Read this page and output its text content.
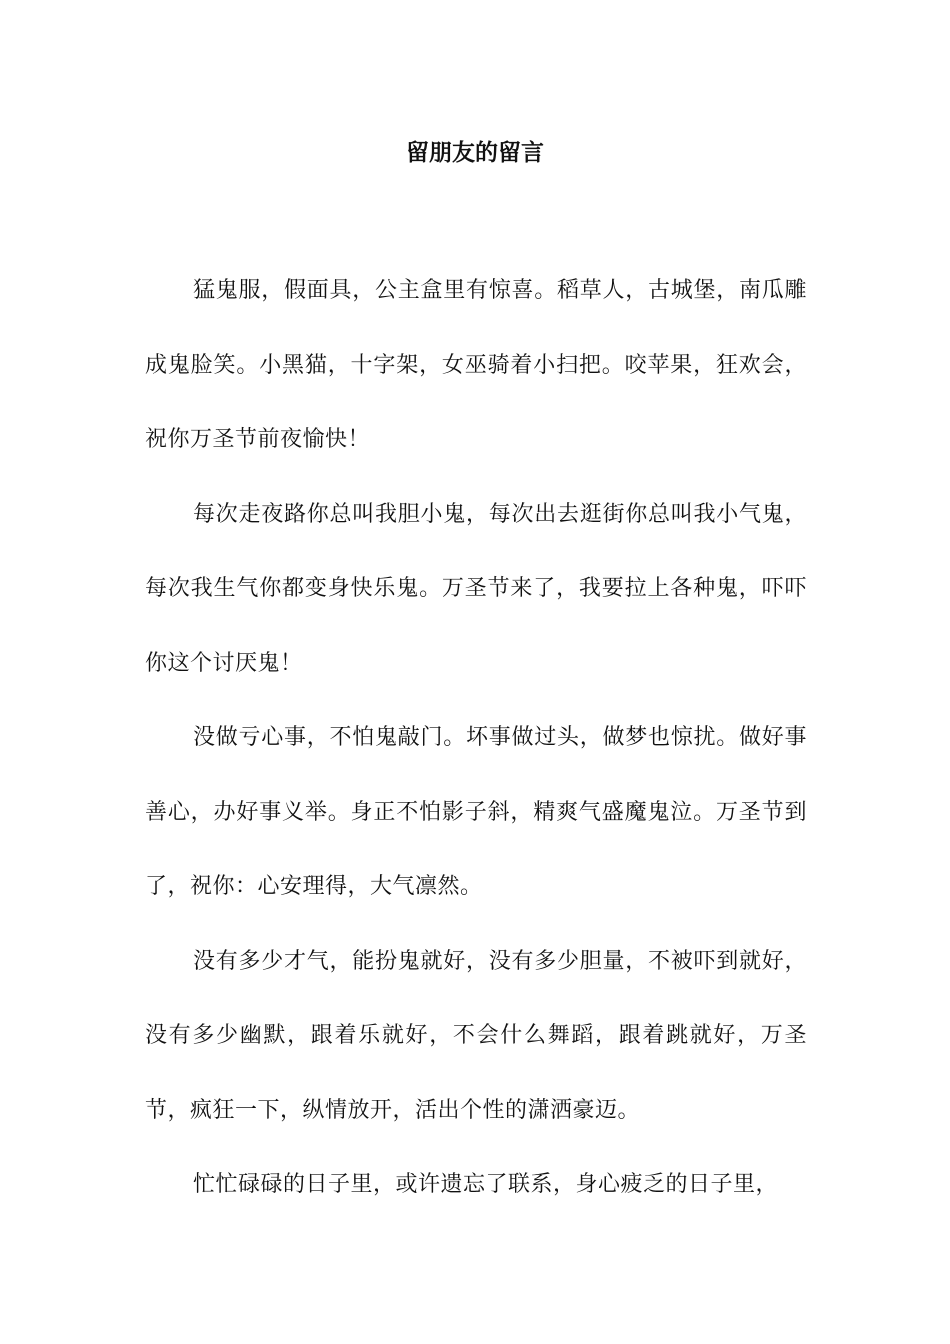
留朋友的留言

猛鬼服，假面具，公主盒里有惊喜。稻草人，古城堡，南瓜雕成鬼脸笑。小黑猫，十字架，女巫骑着小扫把。咬苹果，狂欢会，祝你万圣节前夜愉快！

每次走夜路你总叫我胆小鬼，每次出去逛街你总叫我小气鬼，每次我生气你都变身快乐鬼。万圣节来了，我要拉上各种鬼，吓吓你这个讨厌鬼！

没做亏心事，不怕鬼敲门。坏事做过头，做梦也惊扰。做好事善心，办好事义举。身正不怕影子斜，精爽气盛魔鬼泣。万圣节到了，祝你：心安理得，大气凛然。

没有多少才气，能扮鬼就好，没有多少胆量，不被吓到就好，没有多少幽默，跟着乐就好，不会什么舞蹈，跟着跳就好，万圣节，疯狂一下，纵情放开，活出个性的潇洒豪迈。

忙忙碌碌的日子里，或许遗忘了联系，身心疲乏的日子里，
